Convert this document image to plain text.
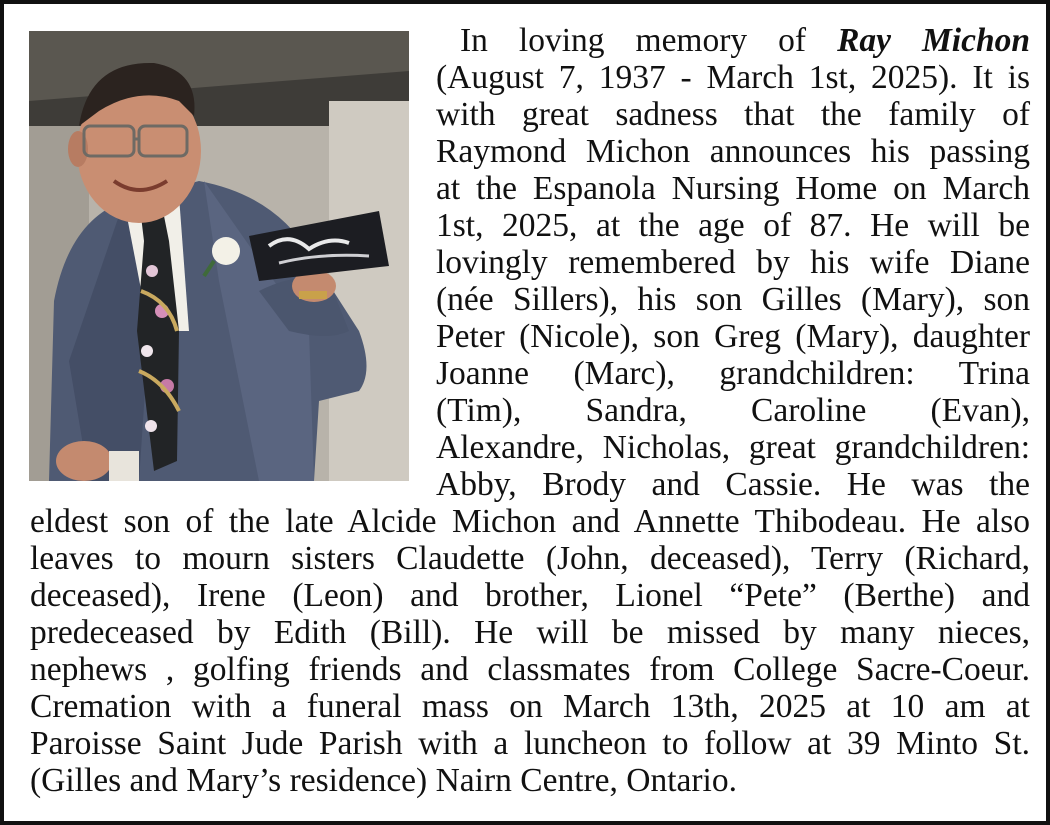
In loving memory of Ray Michon

(August 7, 1937 - March 1st, 2025). It is

with great sadness that the family of

Raymond Michon announces his passing

at the Espanola Nursing Home on March

1st, 2025, at the age of 87. He will be

lovingly remembered by his wife Diane

(née Sillers), his son Gilles (Mary), son

Peter (Nicole), son Greg (Mary), daughter

Joanne (Marc), grandchildren: Trina

(Tim), Sandra, Caroline (Evan),

Alexandre, Nicholas, great grandchildren:

Abby, Brody and Cassie. He was the

eldest son of the late Alcide Michon and Annette Thibodeau. He also

leaves to mourn sisters Claudette (John, deceased), Terry (Richard,

deceased), Irene (Leon) and brother, Lionel “Pete” (Berthe) and

predeceased by Edith (Bill). He will be missed by many nieces,

nephews , golfing friends and classmates from College Sacre-Coeur.

Cremation with a funeral mass on March 13th, 2025 at 10 am at

Paroisse Saint Jude Parish with a luncheon to follow at 39 Minto St.

(Gilles and Mary’s residence) Nairn Centre, Ontario.
